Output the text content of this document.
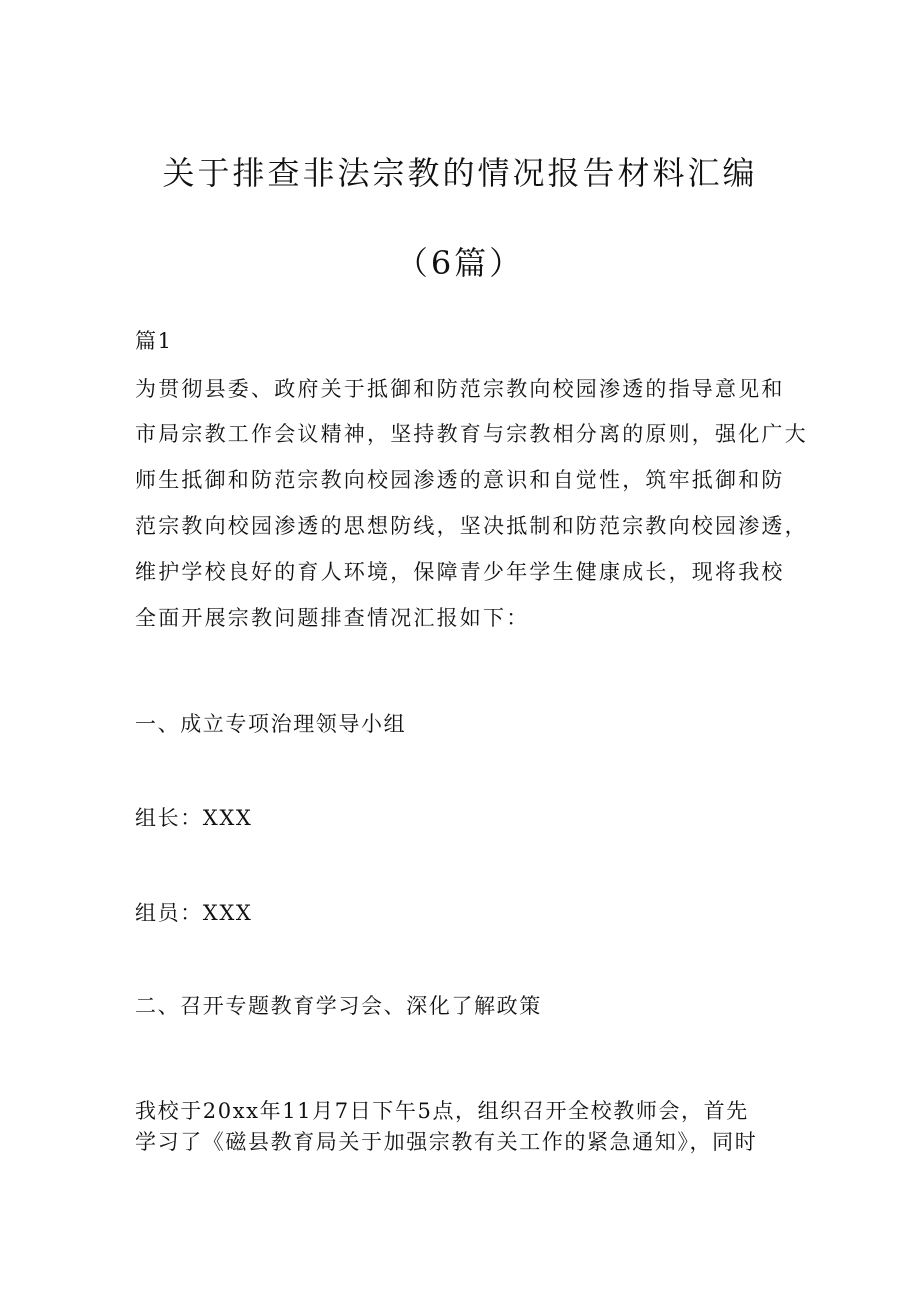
关于排查非法宗教的情况报告材料汇编
（6篇）

篇1

为贯彻县委、政府关于抵御和防范宗教向校园渗透的指导意见和

市局宗教工作会议精神，坚持教育与宗教相分离的原则，强化广大

师生抵御和防范宗教向校园渗透的意识和自觉性，筑牢抵御和防

范宗教向校园渗透的思想防线，坚决抵制和防范宗教向校园渗透，

维护学校良好的育人环境，保障青少年学生健康成长，现将我校

全面开展宗教问题排查情况汇报如下：

一、成立专项治理领导小组

组长：XXX

组员：XXX

二、召开专题教育学习会、深化了解政策

我校于20xx年11月7日下午5点，组织召开全校教师会，首先

学习了《磁县教育局关于加强宗教有关工作的紧急通知》，同时
